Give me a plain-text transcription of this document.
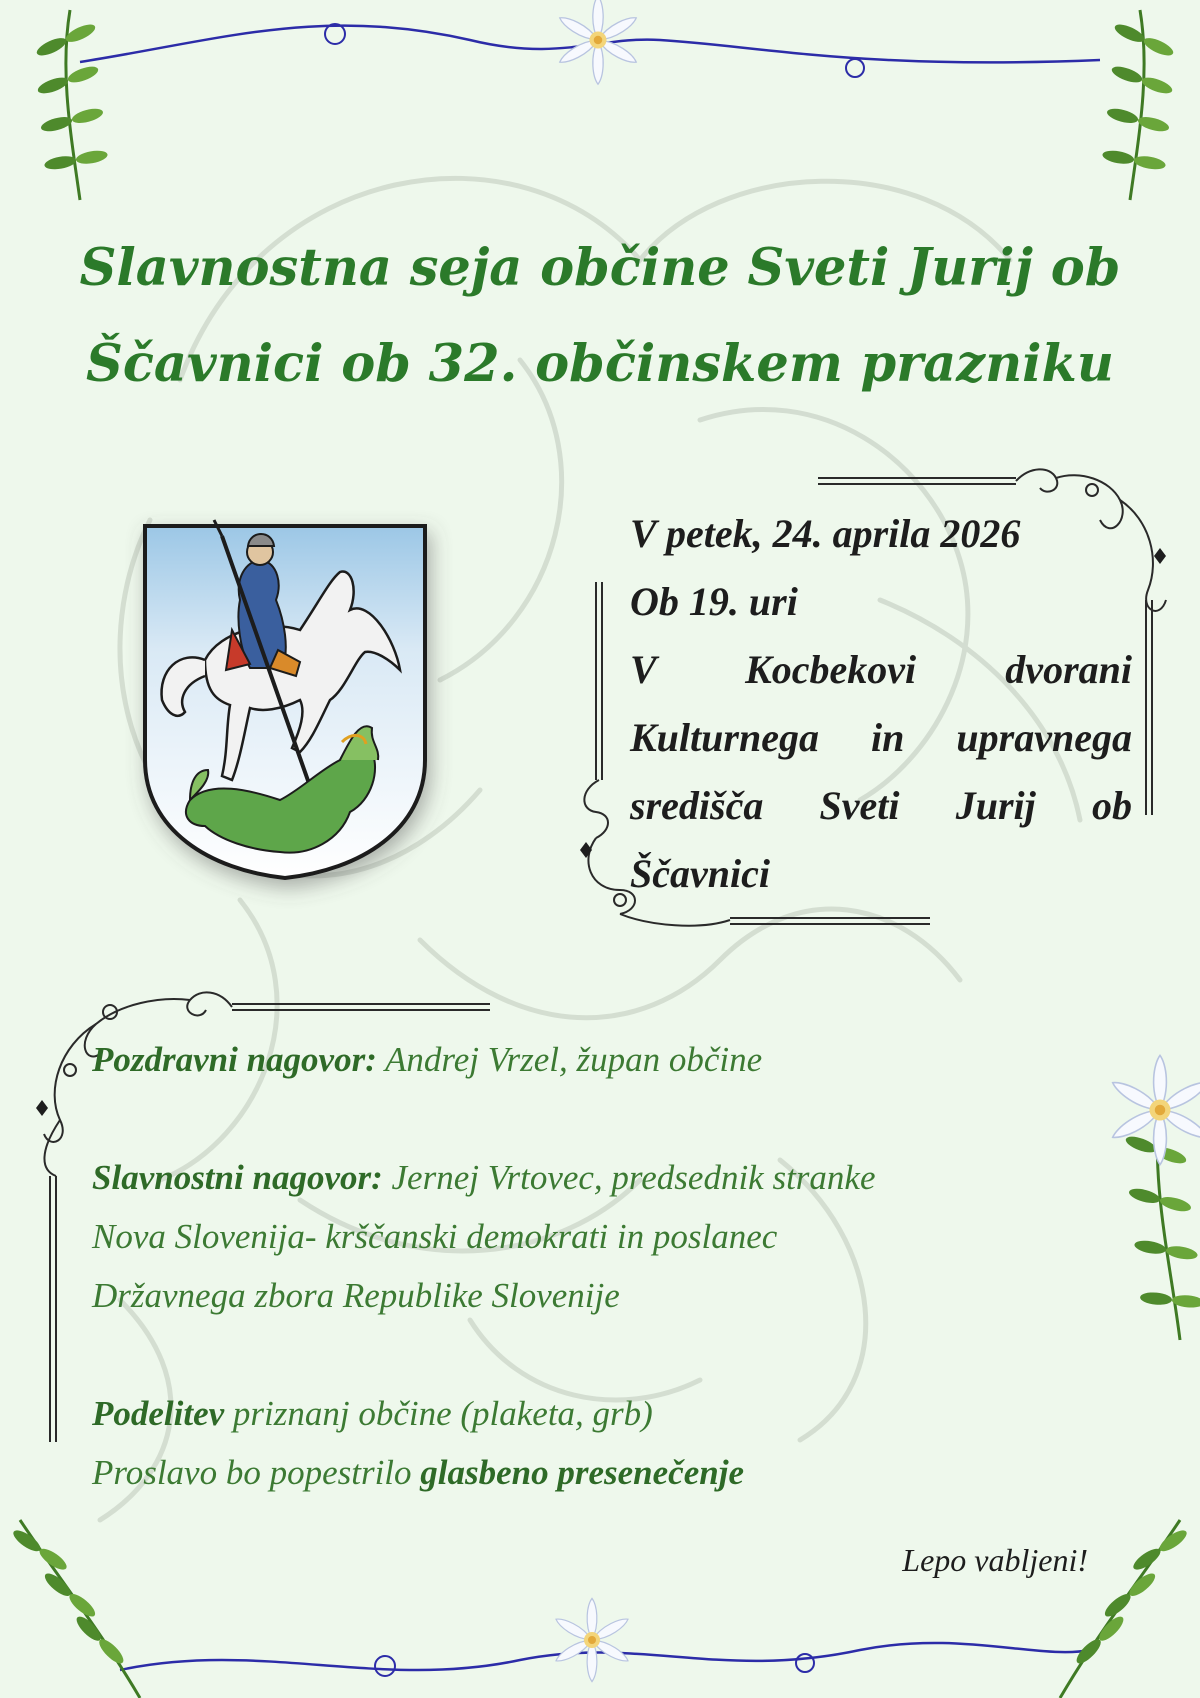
Slavnostna seja občine Sveti Jurij ob
Ščavnici ob 32. občinskem prazniku
V petek, 24. aprila 2026
Ob 19. uri
V Kocbekovi dvorani Kulturnega in upravnega središča Sveti Jurij ob Ščavnici

Pozdravni nagovor: Andrej Vrzel, župan občine

Slavnostni nagovor: Jernej Vrtovec, predsednik stranke Nova Slovenija- krščanski demokrati in poslanec Državnega zbora Republike Slovenije

Podelitev priznanj občine (plaketa, grb)

Proslavo bo popestrilo glasbeno presenečenje

Lepo vabljeni!
